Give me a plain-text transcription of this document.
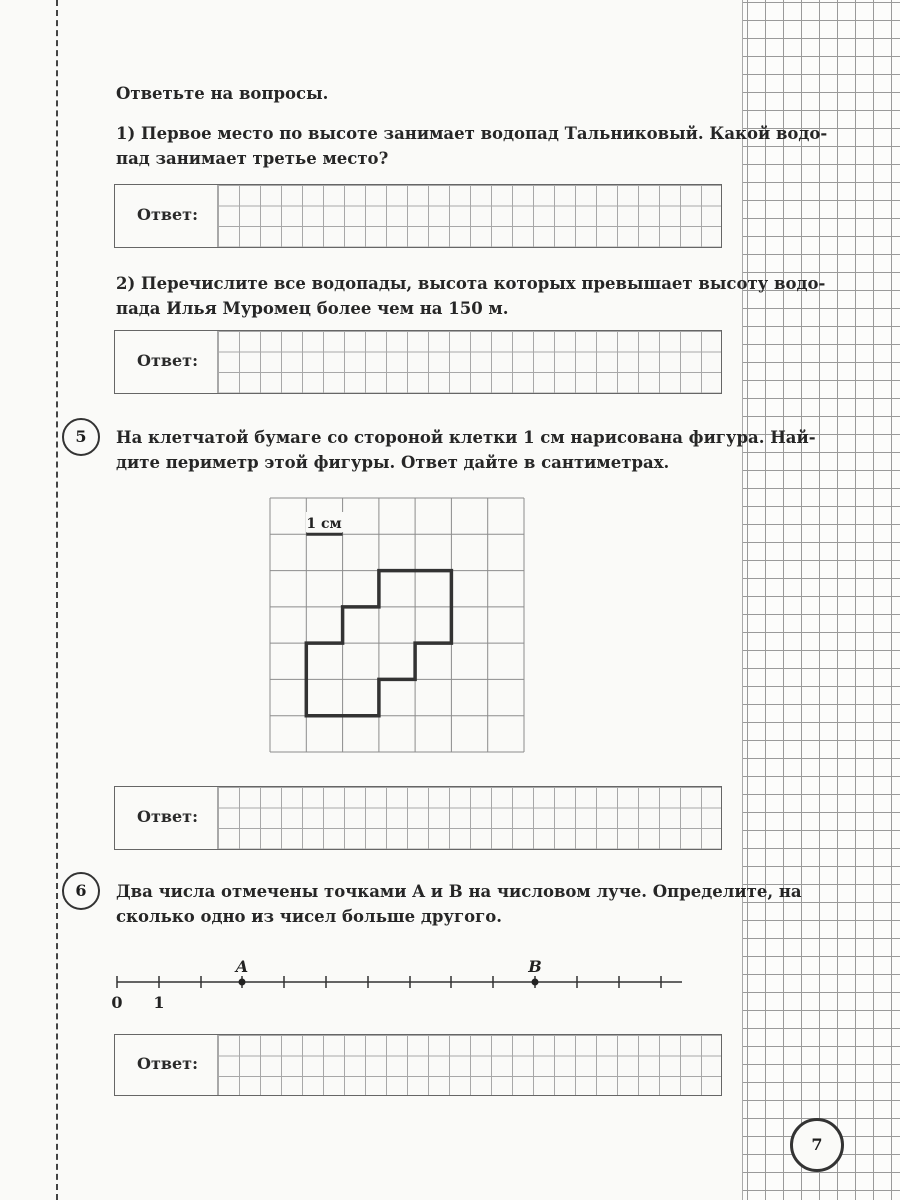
Ответьте на вопросы.
1) Первое место по высоте занимает водопад Тальниковый. Какой водо-
пад занимает третье место?
Ответ:
2) Перечислите все водопады, высота которых превышает высоту водо-
пада Илья Муромец более чем на 150 м.
Ответ:
5	На клетчатой бумаге со стороной клетки 1 см нарисована фигура. Най-
дите периметр этой фигуры. Ответ дайте в сантиметрах.
1 см
Ответ:
6	Два числа отмечены точками A и B на числовом луче. Определите, на
сколько одно из чисел больше другого.
A	B
0 1
Ответ:
7
